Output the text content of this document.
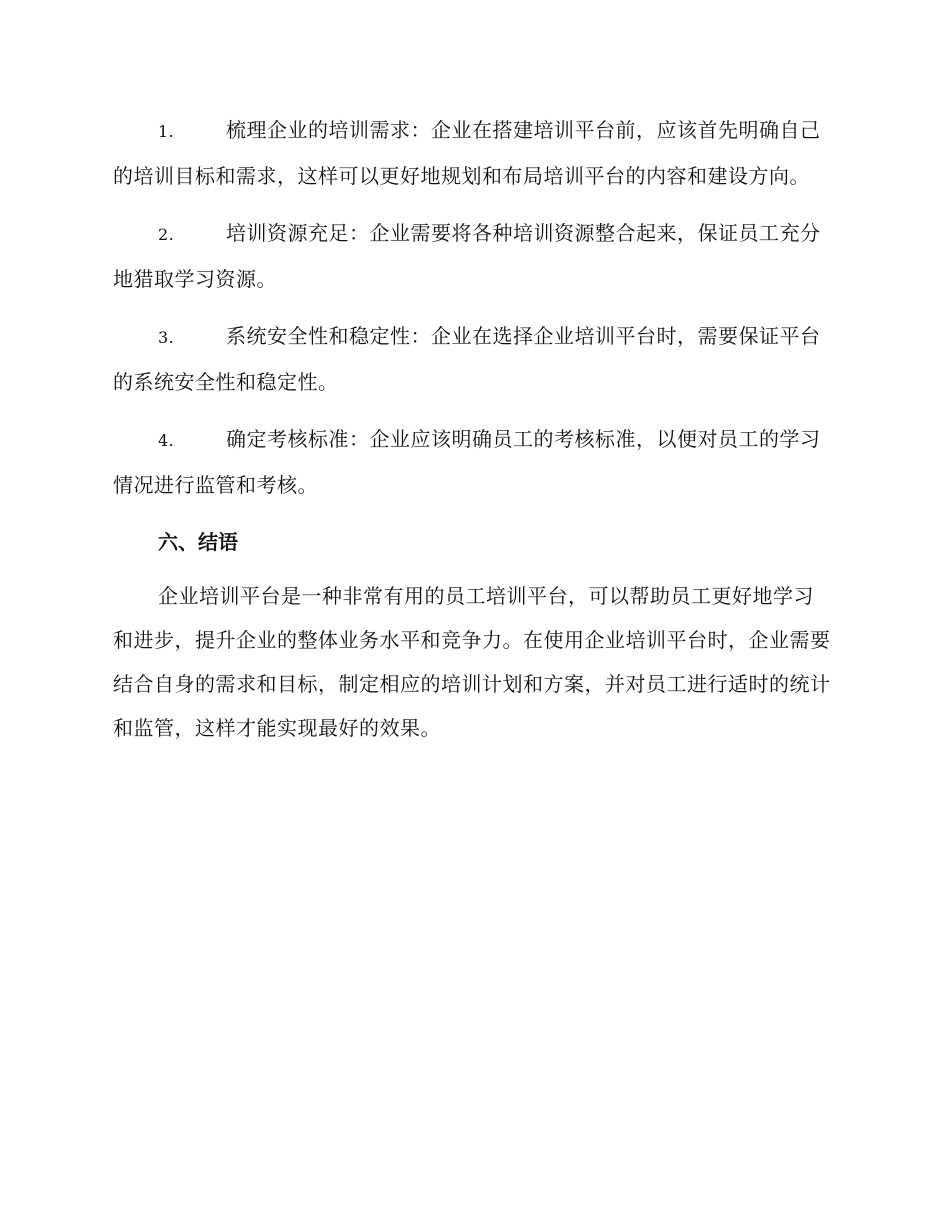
1.	梳理企业的培训需求：企业在搭建培训平台前，应该首先明确自己的培训目标和需求，这样可以更好地规划和布局培训平台的内容和建设方向。

2.	培训资源充足：企业需要将各种培训资源整合起来，保证员工充分地猎取学习资源。

3.	系统安全性和稳定性：企业在选择企业培训平台时，需要保证平台的系统安全性和稳定性。

4.	确定考核标准：企业应该明确员工的考核标准，以便对员工的学习情况进行监管和考核。

六、结语

企业培训平台是一种非常有用的员工培训平台，可以帮助员工更好地学习和进步，提升企业的整体业务水平和竞争力。在使用企业培训平台时，企业需要结合自身的需求和目标，制定相应的培训计划和方案，并对员工进行适时的统计和监管，这样才能实现最好的效果。
